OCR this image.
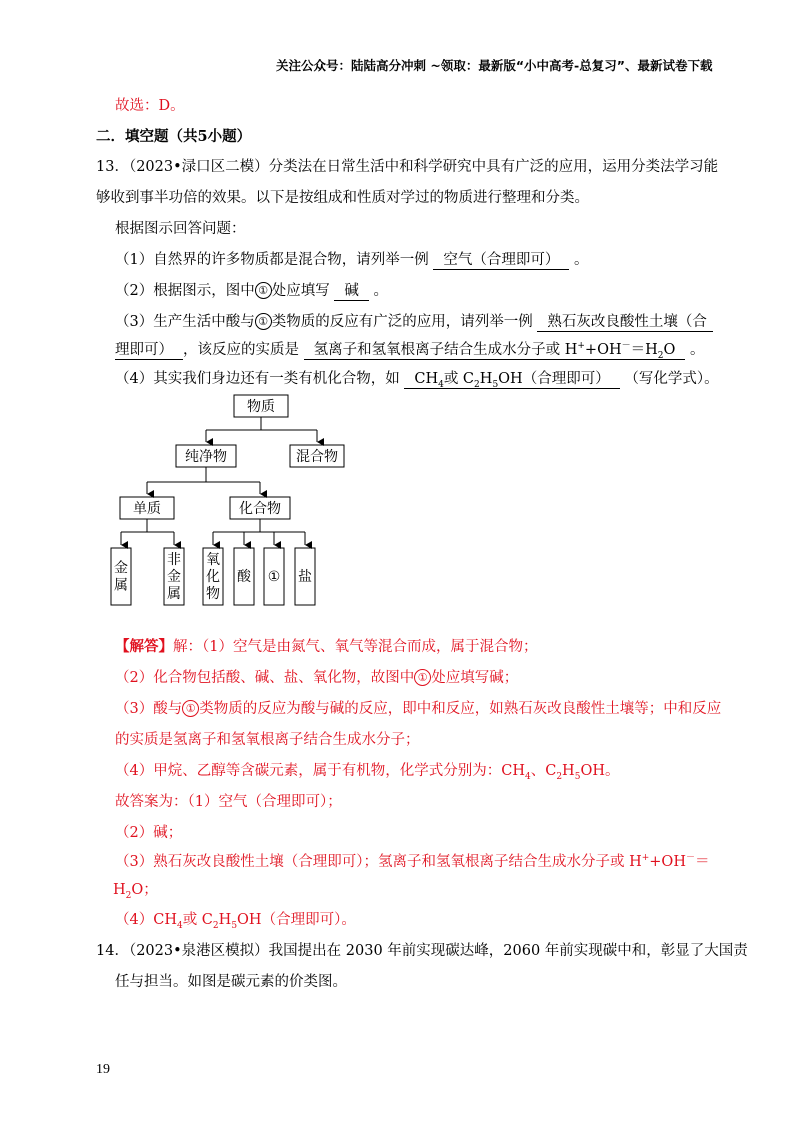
关注公众号：陆陆高分冲刺 ~领取：最新版“小中高考-总复习”、最新试卷下载
故选：D。
二．填空题（共5小题）
13．（2023•渌口区二模）分类法在日常生活中和科学研究中具有广泛的应用，运用分类法学习能
够收到事半功倍的效果。以下是按组成和性质对学过的物质进行整理和分类。
根据图示回答问题：
（1）自然界的许多物质都是混合物，请列举一例 空气（合理即可） 。
（2）根据图示，图中 ① 处应填写 碱 。
（3）生产生活中酸与 ① 类物质的反应有广泛的应用，请列举一例 熟石灰改良酸性土壤（合
理即可） ，该反应的实质是 氢离子和氢氧根离子结合生成水分子或 $H^++OH^-=H_2O$ 。
（4）其实我们身边还有一类有机化合物，如 $CH_4$或 $C_2H_5OH$（合理即可） （写化学式）。
物质
纯净物	混合物
单质	化合物
金
属
非
金
属
氧
化
物
酸 ① 盐
【解答】解：（1）空气是由氮气、氧气等混合而成，属于混合物；
（2）化合物包括酸、碱、盐、氧化物，故图中 ① 处应填写碱；
（3）酸与 ① 类物质的反应为酸与碱的反应，即中和反应，如熟石灰改良酸性土壤等；中和反应
的实质是氢离子和氢氧根离子结合生成水分子；
（4）甲烷、乙醇等含碳元素，属于有机物，化学式分别为：$CH_4$、$C_2H_5OH$。
故答案为：（1）空气（合理即可）；
（2）碱；
（3）熟石灰改良酸性土壤（合理即可）；氢离子和氢氧根离子结合生成水分子或 H++OH－＝
$H_2O$；
$(4)CH_4$或 $C_2H_5OH$（合理即可）。
14．（2023•泉港区模拟）我国提出在 2030 年前实现碳达峰，2060 年前实现碳中和，彰显了大国责
任与担当。如图是碳元素的价类图。
19
